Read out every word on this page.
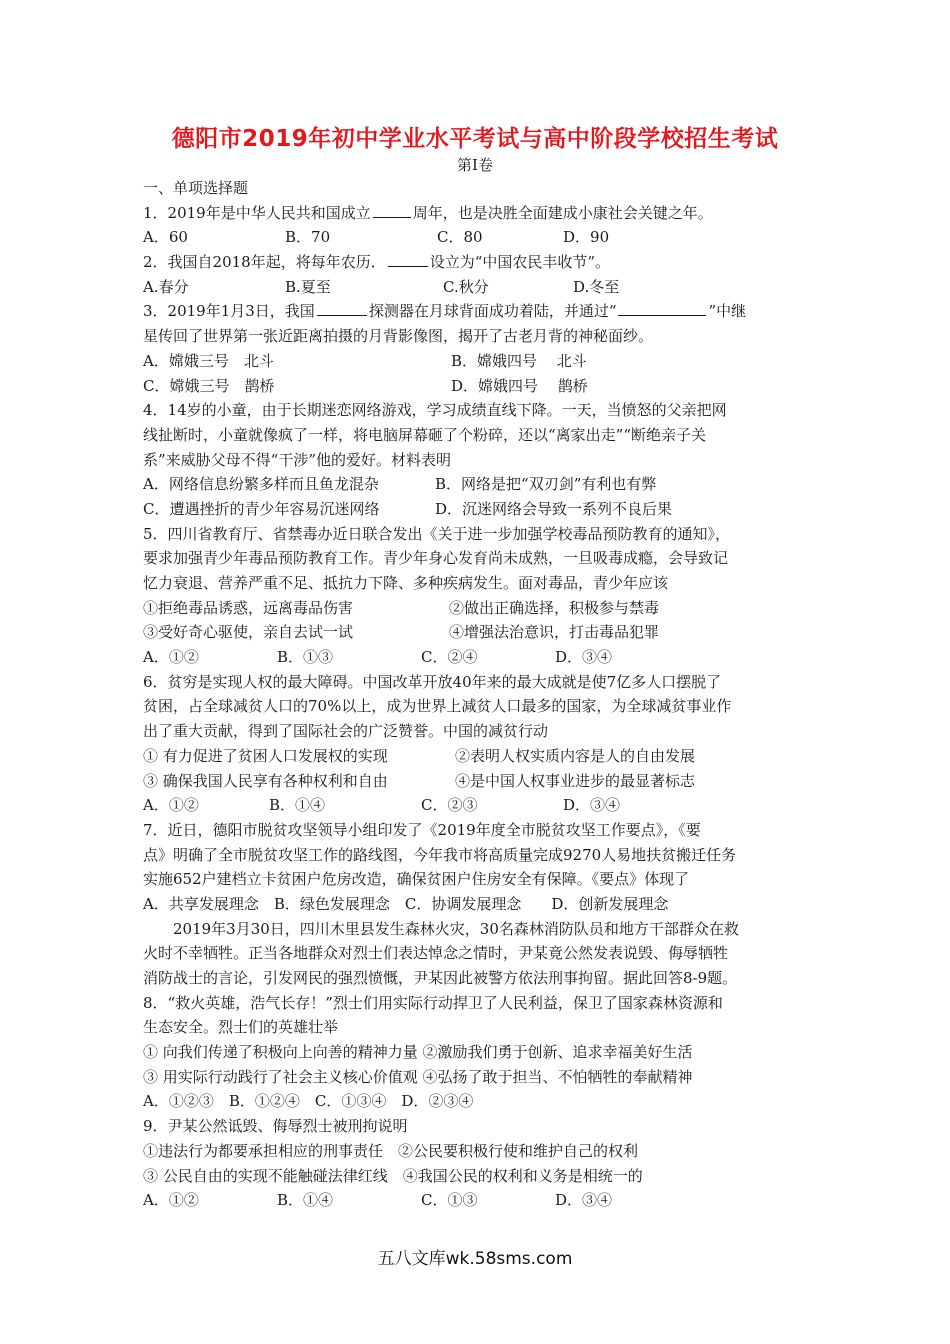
德阳市2019年初中学业水平考试与高中阶段学校招生考试
第Ⅰ卷
一、单项选择题
1．2019年是中华人民共和国成立	周年，也是决胜全面建成小康社会关键之年。
A．60	B．70	C．80	D．90
2．我国自2018年起，将每年农历．	设立为“中国农民丰收节”。
A.春分	B.夏至	C.秋分	D.冬至
3．2019年1月3日，我国	探测器在月球背面成功着陆，并通过“	”中继
星传回了世界第一张近距离拍摄的月背影像图，揭开了古老月背的神秘面纱。
A．嫦娥三号　北斗	B．嫦娥四号　 北斗
C．嫦娥三号　鹊桥	D．嫦娥四号　 鹊桥
4．14岁的小童，由于长期迷恋网络游戏，学习成绩直线下降。一天，当愤怒的父亲把网
线扯断时，小童就像疯了一样，将电脑屏幕砸了个粉碎，还以“离家出走”“断绝亲子关
系”来威胁父母不得“干涉”他的爱好。材料表明
A．网络信息纷繁多样而且鱼龙混杂	B．网络是把“双刃剑”有利也有弊
C．遭遇挫折的青少年容易沉迷网络	D．沉迷网络会导致一系列不良后果
5．四川省教育厅、省禁毒办近日联合发出《关于进一步加强学校毒品预防教育的通知》，
要求加强青少年毒品预防教育工作。青少年身心发育尚未成熟，一旦吸毒成瘾，会导致记
忆力衰退、营养严重不足、抵抗力下降、多种疾病发生。面对毒品，青少年应该
①拒绝毒品诱惑，远离毒品伤害	②做出正确选择，积极参与禁毒
③受好奇心驱使，亲自去试一试	④增强法治意识，打击毒品犯罪
A．①②	B．①③	C．②④	D．③④
6．贫穷是实现人权的最大障碍。中国改革开放40年来的最大成就是使7亿多人口摆脱了
贫困，占全球减贫人口的70%以上，成为世界上减贫人口最多的国家，为全球减贫事业作
出了重大贡献，得到了国际社会的广泛赞誉。中国的减贫行动
① 有力促进了贫困人口发展权的实现	②表明人权实质内容是人的自由发展
③ 确保我国人民享有各种权利和自由	④是中国人权事业进步的最显著标志
A．①②	B．①④	C．②③	D．③④
7．近日，德阳市脱贫攻坚领导小组印发了《2019年度全市脱贫攻坚工作要点》，《要
点》明确了全市脱贫攻坚工作的路线图，今年我市将高质量完成9270人易地扶贫搬迁任务
实施652户建档立卡贫困户危房改造，确保贫困户住房安全有保障。《要点》体现了
A．共享发展理念　B．绿色发展理念　C．协调发展理念　　D．创新发展理念
2019年3月30日，四川木里县发生森林火灾，30名森林消防队员和地方干部群众在救
火时不幸牺牲。正当各地群众对烈士们表达悼念之情时，尹某竟公然发表说毁、侮辱牺牲
消防战士的言论，引发网民的强烈愤慨，尹某因此被警方依法刑事拘留。据此回答8-9题。
8．“救火英雄，浩气长存！”烈士们用实际行动捍卫了人民利益，保卫了国家森林资源和
生态安全。烈士们的英雄壮举
① 向我们传递了积极向上向善的精神力量 ②激励我们勇于创新、追求幸福美好生活
③ 用实际行动践行了社会主义核心价值观 ④弘扬了敢于担当、不怕牺牲的奉献精神
A．①②③　B．①②④　C．①③④　D．②③④
9．尹某公然诋毁、侮辱烈士被刑拘说明
①违法行为都要承担相应的刑事责任　②公民要积极行使和维护自己的权利
③ 公民自由的实现不能触碰法律红线　④我国公民的权利和义务是相统一的
A．①②	B．①④	C．①③	D．③④
五八文库wk.58sms.com
